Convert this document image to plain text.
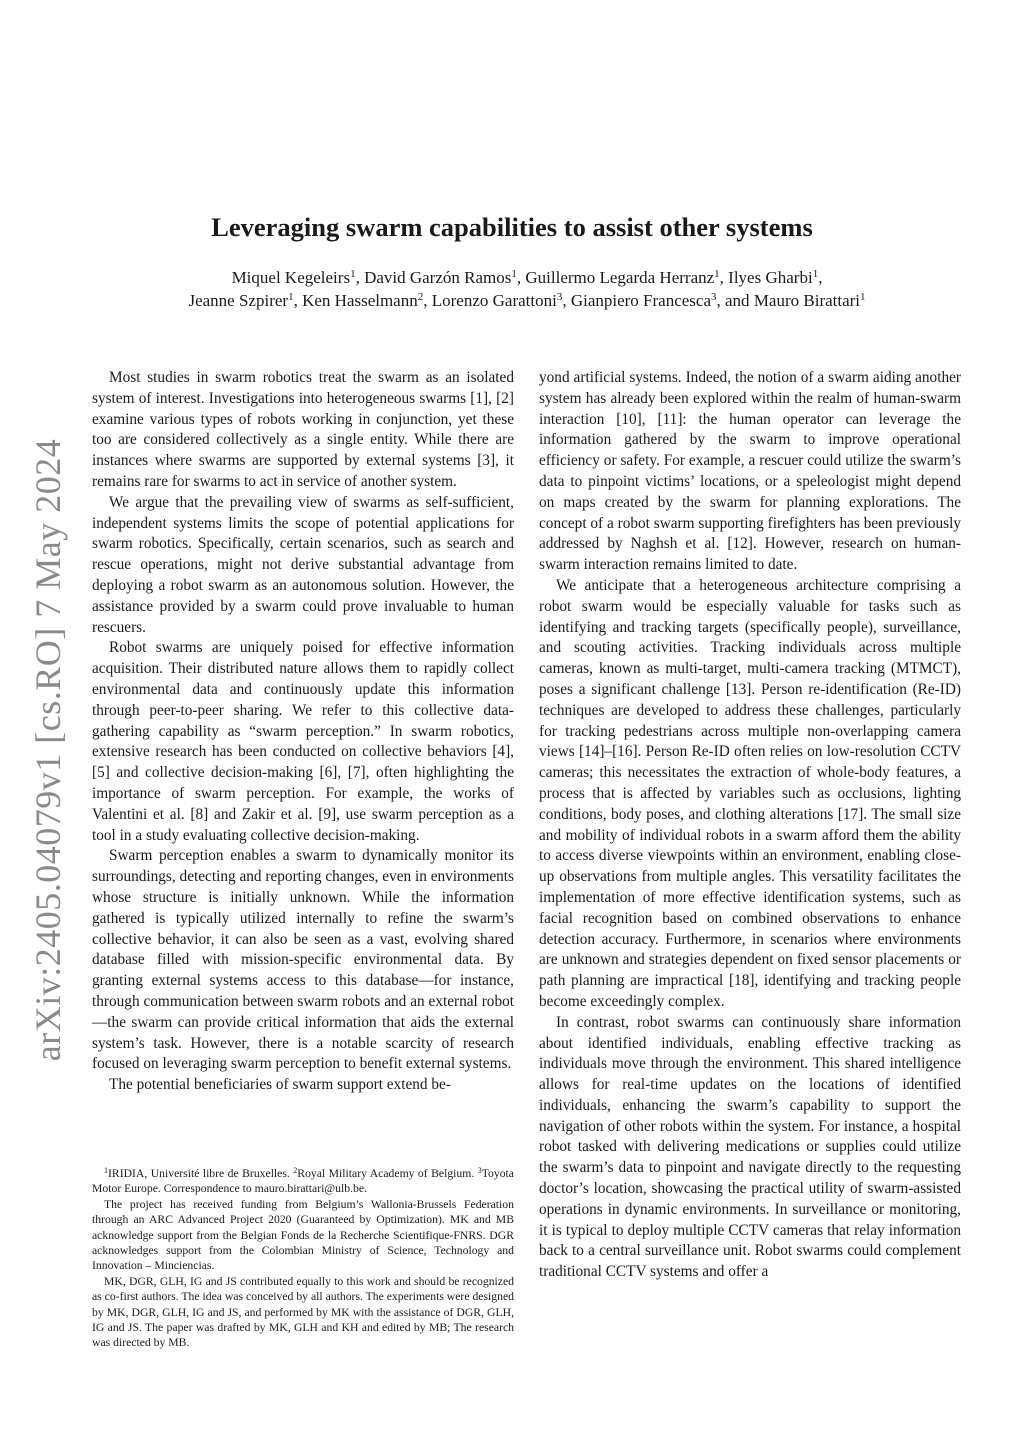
arXiv:2405.04079v1 [cs.RO] 7 May 2024
Leveraging swarm capabilities to assist other systems
Miquel Kegeleirs$^1$, David Garzón Ramos$^1$, Guillermo Legarda Herranz$^1$, Ilyes Gharbi$^1$,
Jeanne Szpirer$^1$, Ken Hasselmann$^2$, Lorenzo Garattoni$^3$, Gianpiero Francesca$^3$, and Mauro Birattari$^1$

Most studies in swarm robotics treat the swarm as an isolated system of interest. Investigations into heterogeneous swarms [1], [2] examine various types of robots working in conjunction, yet these too are considered collectively as a single entity. While there are instances where swarms are supported by external systems [3], it remains rare for swarms to act in service of another system.

We argue that the prevailing view of swarms as self-sufficient, independent systems limits the scope of potential applications for swarm robotics. Specifically, certain scenarios, such as search and rescue operations, might not derive substantial advantage from deploying a robot swarm as an autonomous solution. However, the assistance provided by a swarm could prove invaluable to human rescuers.

Robot swarms are uniquely poised for effective information acquisition. Their distributed nature allows them to rapidly collect environmental data and continuously update this information through peer-to-peer sharing. We refer to this collective data-gathering capability as “swarm perception.” In swarm robotics, extensive research has been conducted on collective behaviors [4], [5] and collective decision-making [6], [7], often highlighting the importance of swarm perception. For example, the works of Valentini et al. [8] and Zakir et al. [9], use swarm perception as a tool in a study evaluating collective decision-making.

Swarm perception enables a swarm to dynamically monitor its surroundings, detecting and reporting changes, even in environments whose structure is initially unknown. While the information gathered is typically utilized internally to refine the swarm’s collective behavior, it can also be seen as a vast, evolving shared database filled with mission-specific environmental data. By granting external systems access to this database—for instance, through communication between swarm robots and an external robot—the swarm can provide critical information that aids the external system’s task. However, there is a notable scarcity of research focused on leveraging swarm perception to benefit external systems.

The potential beneficiaries of swarm support extend be-

$^1$IRIDIA, Université libre de Bruxelles. $^2$Royal Military Academy of Belgium. $^3$Toyota Motor Europe. Correspondence to mauro.birattari@ulb.be.

The project has received funding from Belgium’s Wallonia-Brussels Federation through an ARC Advanced Project 2020 (Guaranteed by Optimization). MK and MB acknowledge support from the Belgian Fonds de la Recherche Scientifique-FNRS. DGR acknowledges support from the Colombian Ministry of Science, Technology and Innovation – Minciencias.

MK, DGR, GLH, IG and JS contributed equally to this work and should be recognized as co-first authors. The idea was conceived by all authors. The experiments were designed by MK, DGR, GLH, IG and JS, and performed by MK with the assistance of DGR, GLH, IG and JS. The paper was drafted by MK, GLH and KH and edited by MB; The research was directed by MB.

yond artificial systems. Indeed, the notion of a swarm aiding another system has already been explored within the realm of human-swarm interaction [10], [11]: the human operator can leverage the information gathered by the swarm to improve operational efficiency or safety. For example, a rescuer could utilize the swarm’s data to pinpoint victims’ locations, or a speleologist might depend on maps created by the swarm for planning explorations. The concept of a robot swarm supporting firefighters has been previously addressed by Naghsh et al. [12]. However, research on human-swarm interaction remains limited to date.

We anticipate that a heterogeneous architecture comprising a robot swarm would be especially valuable for tasks such as identifying and tracking targets (specifically people), surveillance, and scouting activities. Tracking individuals across multiple cameras, known as multi-target, multi-camera tracking (MTMCT), poses a significant challenge [13]. Person re-identification (Re-ID) techniques are developed to address these challenges, particularly for tracking pedestrians across multiple non-overlapping camera views [14]–[16]. Person Re-ID often relies on low-resolution CCTV cameras; this necessitates the extraction of whole-body features, a process that is affected by variables such as occlusions, lighting conditions, body poses, and clothing alterations [17]. The small size and mobility of individual robots in a swarm afford them the ability to access diverse viewpoints within an environment, enabling close-up observations from multiple angles. This versatility facilitates the implementation of more effective identification systems, such as facial recognition based on combined observations to enhance detection accuracy. Furthermore, in scenarios where environments are unknown and strategies dependent on fixed sensor placements or path planning are impractical [18], identifying and tracking people become exceedingly complex.

In contrast, robot swarms can continuously share information about identified individuals, enabling effective tracking as individuals move through the environment. This shared intelligence allows for real-time updates on the locations of identified individuals, enhancing the swarm’s capability to support the navigation of other robots within the system. For instance, a hospital robot tasked with delivering medications or supplies could utilize the swarm’s data to pinpoint and navigate directly to the requesting doctor’s location, showcasing the practical utility of swarm-assisted operations in dynamic environments. In surveillance or monitoring, it is typical to deploy multiple CCTV cameras that relay information back to a central surveillance unit. Robot swarms could complement traditional CCTV systems and offer a
